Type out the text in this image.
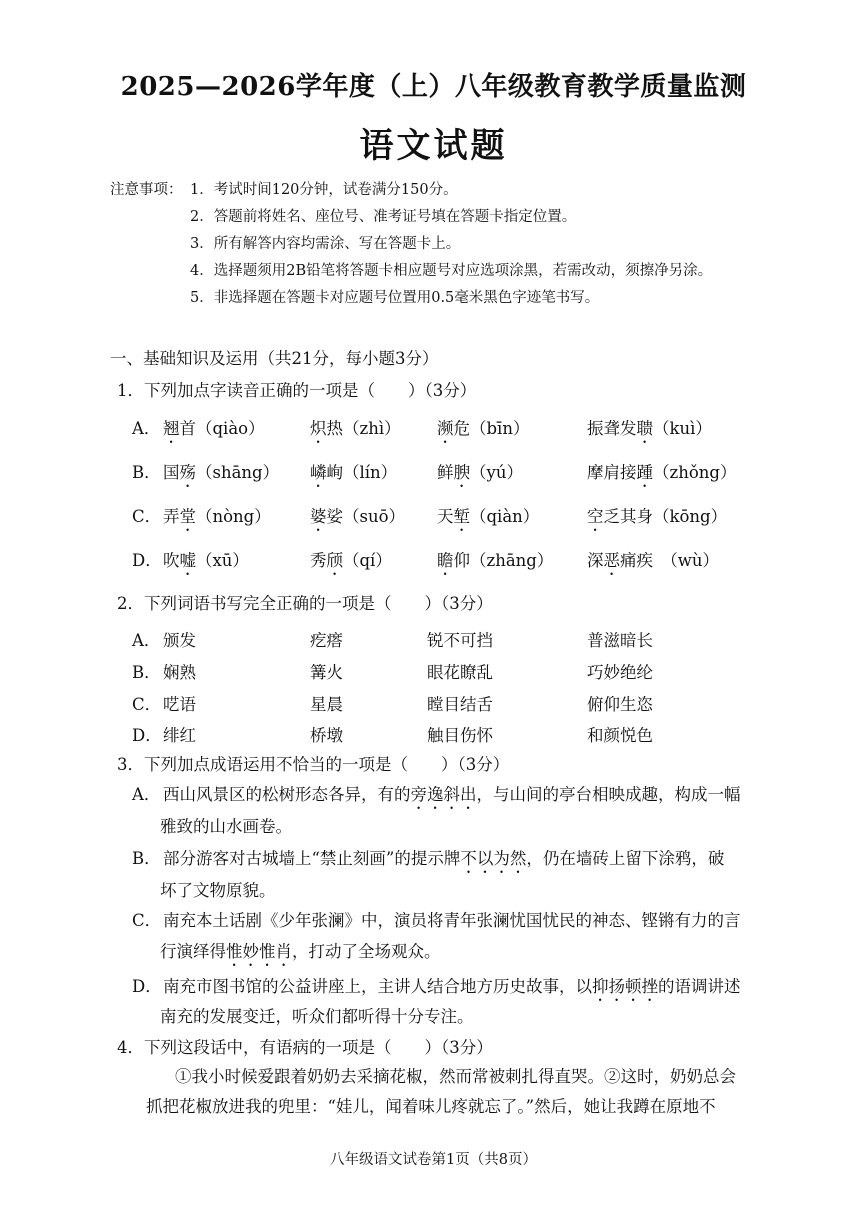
2025—2026学年度（上）八年级教育教学质量监测
语文试题
注意事项： 1．考试时间120分钟，试卷满分150分。
2．答题前将姓名、座位号、准考证号填在答题卡指定位置。
3．所有解答内容均需涂、写在答题卡上。
4．选择题须用2B铅笔将答题卡相应题号对应选项涂黑，若需改动，须擦净另涂。
5．非选择题在答题卡对应题号位置用0.5毫米黑色字迹笔书写。
一、基础知识及运用（共21分，每小题3分）
1．下列加点字读音正确的一项是（　　）（3分）
A． 翘首（qiào）	炽热（zhì） 濒危（bīn）	振聋发聩（kuì）
B． 国殇（shāng） 嶙峋（lín） 鲜腴（yú）	摩肩接踵（zhǒng）
C． 弄堂（nòng） 婆娑（suō） 天堑（qiàn）	空乏其身（kōng）
D． 吹嘘（xū）	秀颀（qí）	瞻仰（zhāng） 深恶痛疾　（wù）
2．下列词语书写完全正确的一项是（　　）（3分）
A． 颁发	疙瘩	锐不可挡	普滋暗长
B． 娴熟	篝火	眼花瞭乱	巧妙绝纶
C． 呓语	星晨	瞠目结舌	俯仰生恣
D． 绯红	桥墩	触目伤怀	和颜悦色
3．下列加点成语运用不恰当的一项是（　　）（3分）
A． 西山风景区的松树形态各异，有的旁逸斜出，与山间的亭台相映成趣，构成一幅
雅致的山水画卷。
B． 部分游客对古城墙上“禁止刻画”的提示牌不以为然，仍在墙砖上留下涂鸦，破
坏了文物原貌。
C． 南充本土话剧《少年张澜》中，演员将青年张澜忧国忧民的神态、铿锵有力的言
行演绎得惟妙惟肖，打动了全场观众。
D． 南充市图书馆的公益讲座上，主讲人结合地方历史故事，以抑扬顿挫的语调讲述
南充的发展变迁，听众们都听得十分专注。
4．下列这段话中，有语病的一项是（　　）（3分）
①我小时候爱跟着奶奶去采摘花椒，然而常被刺扎得直哭。②这时，奶奶总会
抓把花椒放进我的兜里：“娃儿，闻着味儿疼就忘了。”然后，她让我蹲在原地不
八年级语文试卷第1页（共8页）
